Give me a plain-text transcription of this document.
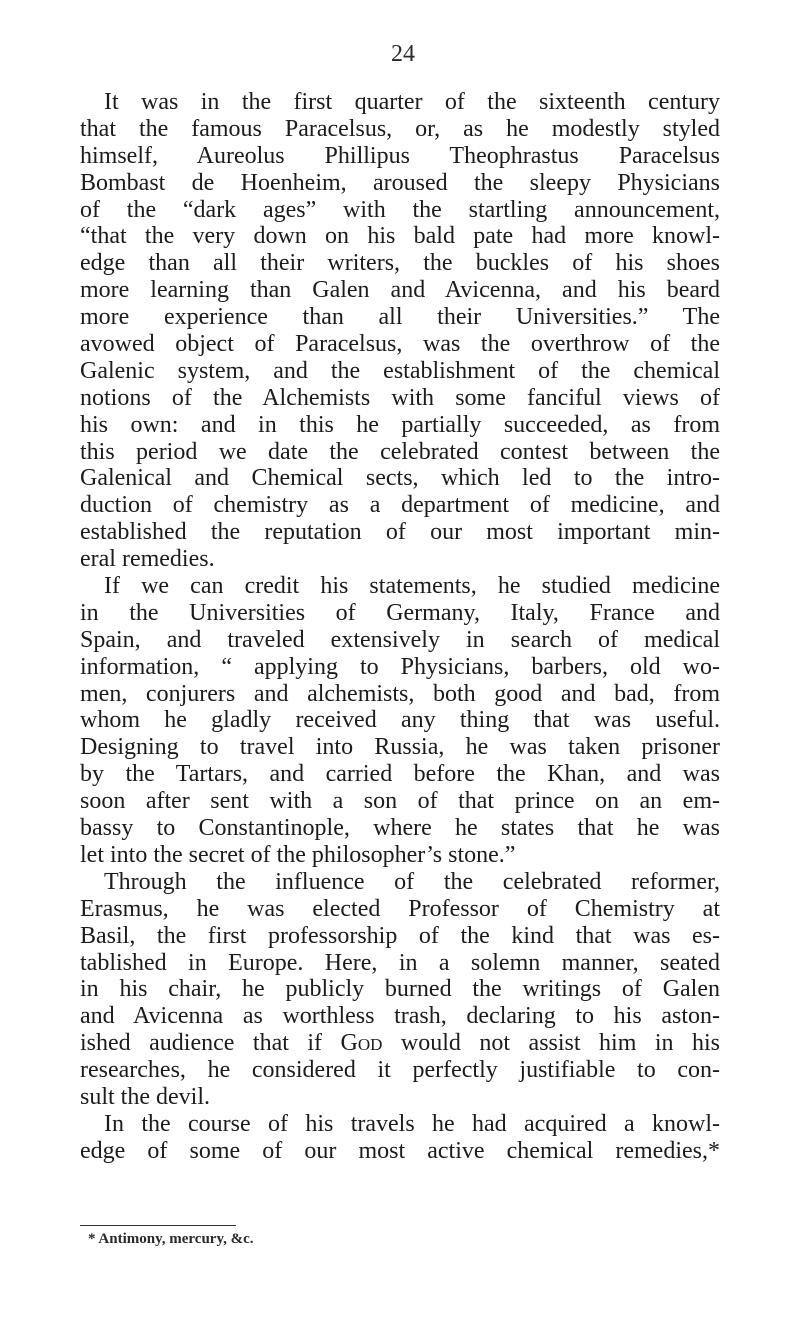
24
It was in the first quarter of the sixteenth century
that the famous Paracelsus, or, as he modestly styled
himself, Aureolus Phillipus Theophrastus Paracelsus
Bombast de Hoenheim, aroused the sleepy Physicians
of the “dark ages” with the startling announcement,
“that the very down on his bald pate had more knowl-
edge than all their writers, the buckles of his shoes
more learning than Galen and Avicenna, and his beard
more experience than all their Universities.” The
avowed object of Paracelsus, was the overthrow of the
Galenic system, and the establishment of the chemical
notions of the Alchemists with some fanciful views of
his own: and in this he partially succeeded, as from
this period we date the celebrated contest between the
Galenical and Chemical sects, which led to the intro-
duction of chemistry as a department of medicine, and
established the reputation of our most important min-
eral remedies.
If we can credit his statements, he studied medicine
in the Universities of Germany, Italy, France and
Spain, and traveled extensively in search of medical
information, “ applying to Physicians, barbers, old wo-
men, conjurers and alchemists, both good and bad, from
whom he gladly received any thing that was useful.
Designing to travel into Russia, he was taken prisoner
by the Tartars, and carried before the Khan, and was
soon after sent with a son of that prince on an em-
bassy to Constantinople, where he states that he was
let into the secret of the philosopher’s stone.”
Through the influence of the celebrated reformer,
Erasmus, he was elected Professor of Chemistry at
Basil, the first professorship of the kind that was es-
tablished in Europe. Here, in a solemn manner, seated
in his chair, he publicly burned the writings of Galen
and Avicenna as worthless trash, declaring to his aston-
ished audience that if God would not assist him in his
researches, he considered it perfectly justifiable to con-
sult the devil.
In the course of his travels he had acquired a knowl-
edge of some of our most active chemical remedies,*
* Antimony, mercury, &c.
